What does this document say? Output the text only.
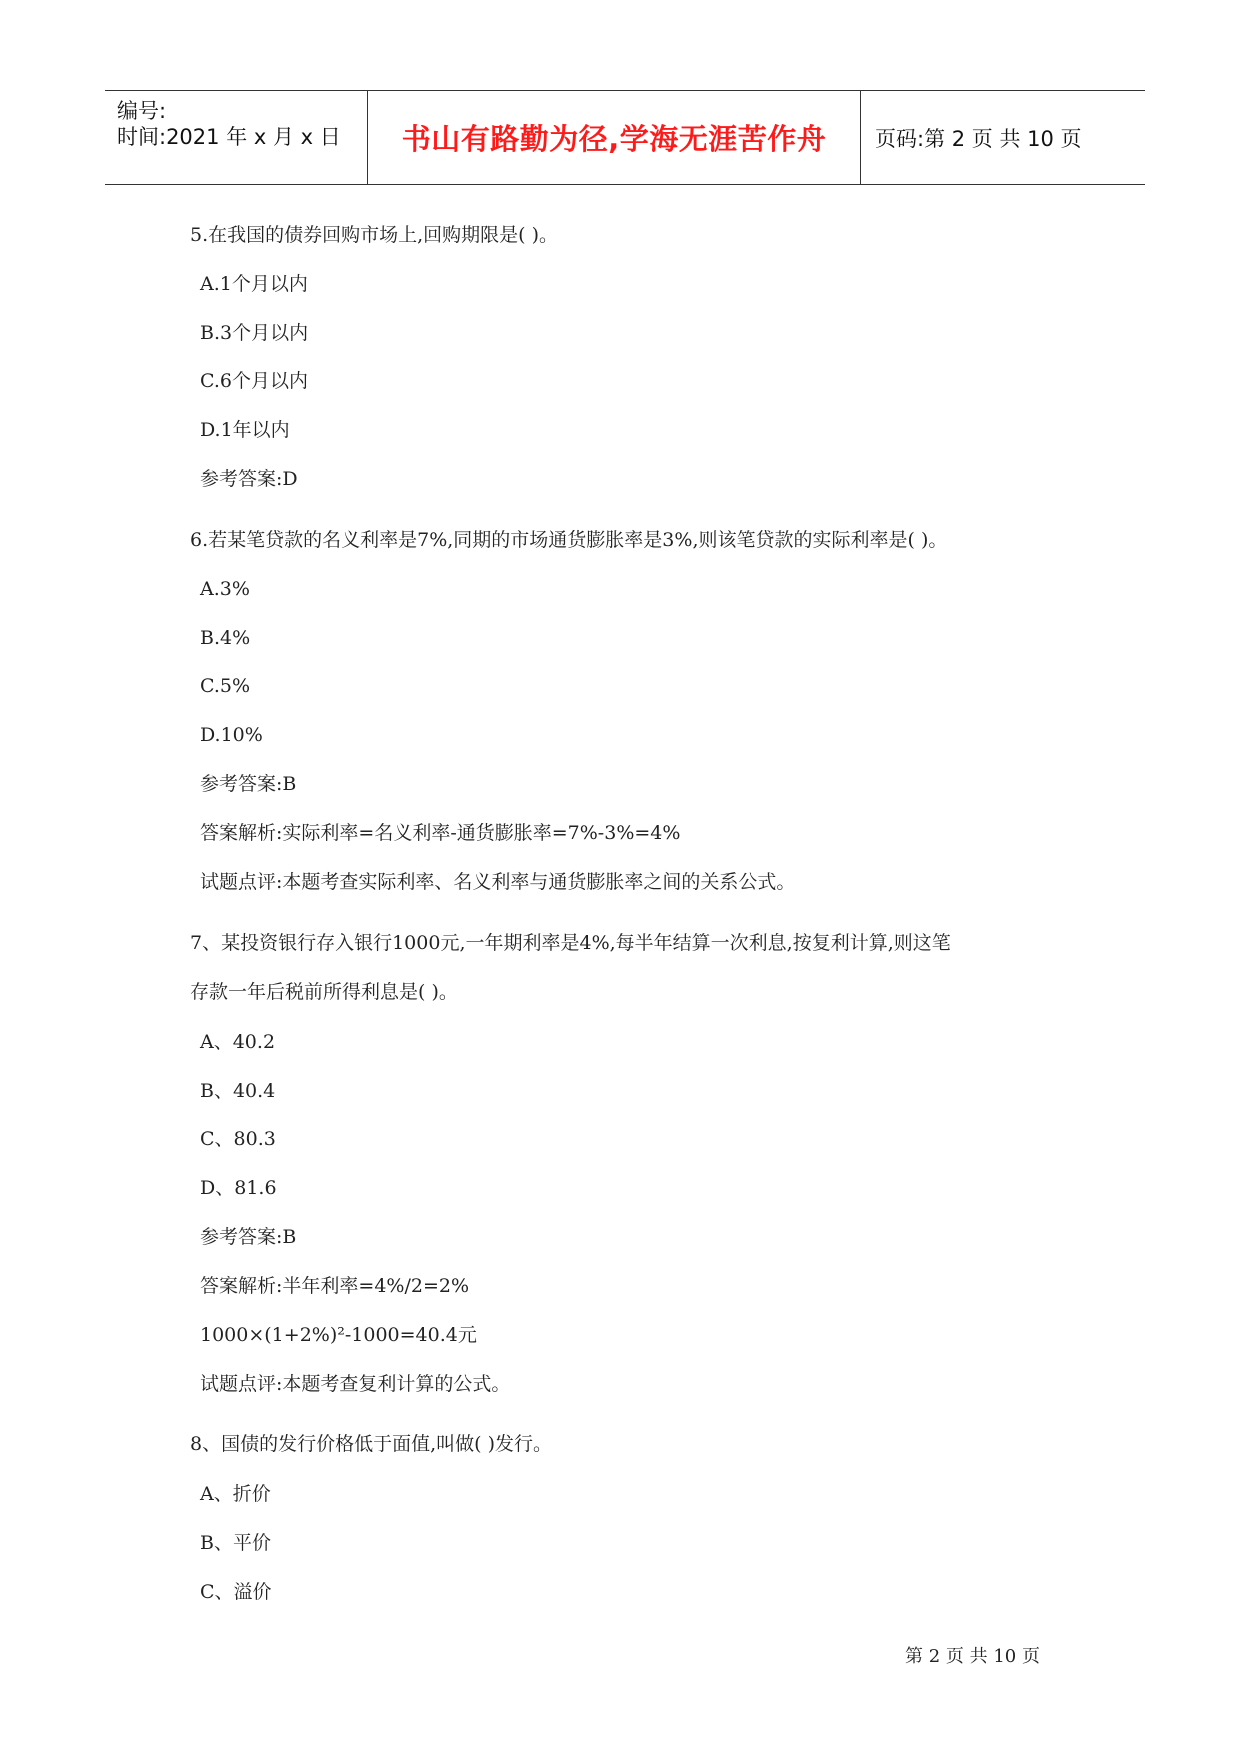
编号:
时间:2021 年 x 月 x 日	书山有路勤为径,学海无涯苦作舟	页码:第 2 页 共 10 页
5.在我国的债券回购市场上,回购期限是( )。
A.1个月以内
B.3个月以内
C.6个月以内
D.1年以内
参考答案:D
6.若某笔贷款的名义利率是7%,同期的市场通货膨胀率是3%,则该笔贷款的实际利率是( )。
A.3%
B.4%
C.5%
D.10%
参考答案:B
答案解析:实际利率=名义利率-通货膨胀率=7%-3%=4%
试题点评:本题考查实际利率、名义利率与通货膨胀率之间的关系公式。
7、某投资银行存入银行1000元,一年期利率是4%,每半年结算一次利息,按复利计算,则这笔
存款一年后税前所得利息是( )。
A、40.2
B、40.4
C、80.3
D、81.6
参考答案:B
答案解析:半年利率=4%/2=2%
1000×(1+2%)²-1000=40.4元
试题点评:本题考查复利计算的公式。
8、国债的发行价格低于面值,叫做( )发行。
A、折价
B、平价
C、溢价
第 2 页 共 10 页
